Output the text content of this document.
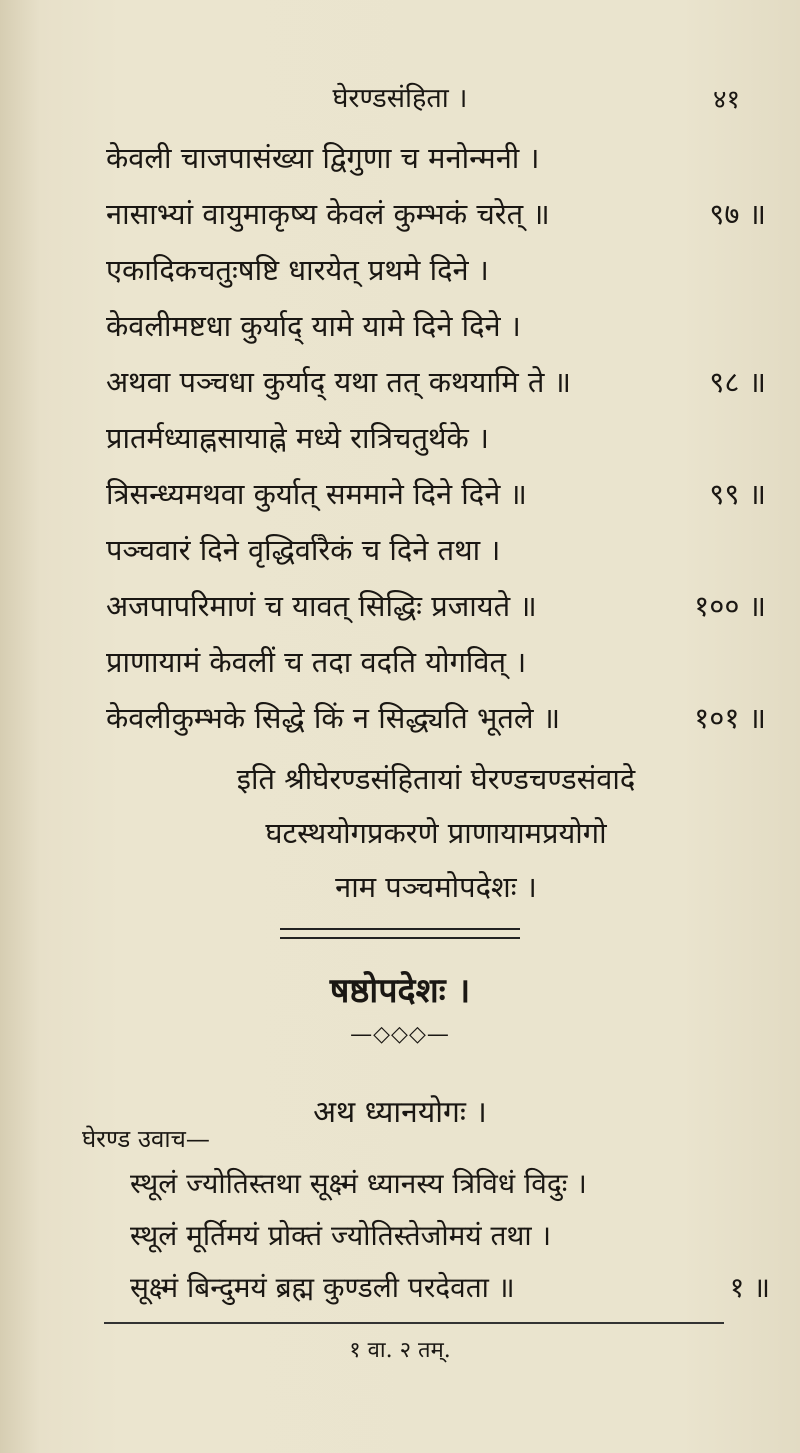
घेरण्डसंहिता ।	४१
केवली चाजपासंख्या द्विगुणा च मनोन्मनी ।
नासाभ्यां वायुमाकृष्य केवलं कुम्भकं चरेत् ॥	९७ ॥
एकादिकचतुःषष्टि धारयेत् प्रथमे दिने ।
केवलीमष्टधा कुर्याद् यामे यामे दिने दिने ।
अथवा पञ्चधा कुर्याद् यथा तत् कथयामि ते ॥	९८ ॥
प्रातर्मध्याह्नसायाह्ने मध्ये रात्रिचतुर्थके ।
त्रिसन्ध्यमथवा कुर्यात् सममाने दिने दिने ॥	९९ ॥
पञ्चवारं दिने वृद्धिर्वारैकं च दिने तथा ।
अजपापरिमाणं च यावत् सिद्धिः प्रजायते ॥	१०० ॥
प्राणायामं केवलीं च तदा वदति योगवित् ।
केवलीकुम्भके सिद्धे किं न सिद्ध्यति भूतले ॥	१०१ ॥
इति श्रीघेरण्डसंहितायां घेरण्डचण्डसंवादे
घटस्थयोगप्रकरणे प्राणायामप्रयोगो
नाम पञ्चमोपदेशः ।
षष्ठोपदेशः ।
—◇◇◇—
अथ ध्यानयोगः ।
घेरण्ड उवाच—
स्थूलं ज्योतिस्तथा सूक्ष्मं ध्यानस्य त्रिविधं विदुः ।
स्थूलं मूर्तिमयं प्रोक्तं ज्योतिस्तेजोमयं तथा ।
सूक्ष्मं बिन्दुमयं ब्रह्म कुण्डली परदेवता ॥	१ ॥
१ वा. २ तम्.
